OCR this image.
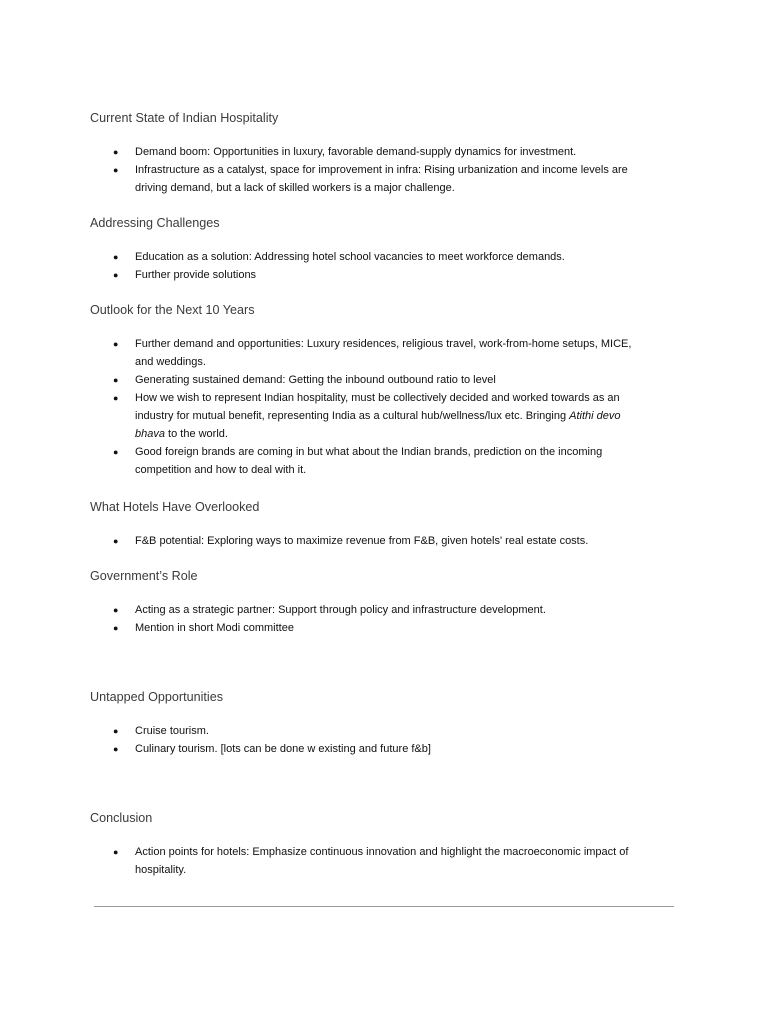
Current State of Indian Hospitality
● Demand boom: Opportunities in luxury, favorable demand-supply dynamics for investment.
● Infrastructure as a catalyst, space for improvement in infra: Rising urbanization and income levels are
driving demand, but a lack of skilled workers is a major challenge.
Addressing Challenges
● Education as a solution: Addressing hotel school vacancies to meet workforce demands.
● Further provide solutions
Outlook for the Next 10 Years
● Further demand and opportunities: Luxury residences, religious travel, work-from-home setups, MICE,
and weddings.
● Generating sustained demand: Getting the inbound outbound ratio to level
● How we wish to represent Indian hospitality, must be collectively decided and worked towards as an
industry for mutual benefit, representing India as a cultural hub/wellness/lux etc. Bringing Atithi devo
bhava to the world.
● Good foreign brands are coming in but what about the Indian brands, prediction on the incoming
competition and how to deal with it.
What Hotels Have Overlooked
● F&B potential: Exploring ways to maximize revenue from F&B, given hotels' real estate costs.
Government’s Role
● Acting as a strategic partner: Support through policy and infrastructure development.
● Mention in short Modi committee
Untapped Opportunities
● Cruise tourism.
● Culinary tourism. [lots can be done w existing and future f&b]
Conclusion
● Action points for hotels: Emphasize continuous innovation and highlight the macroeconomic impact of
hospitality.
